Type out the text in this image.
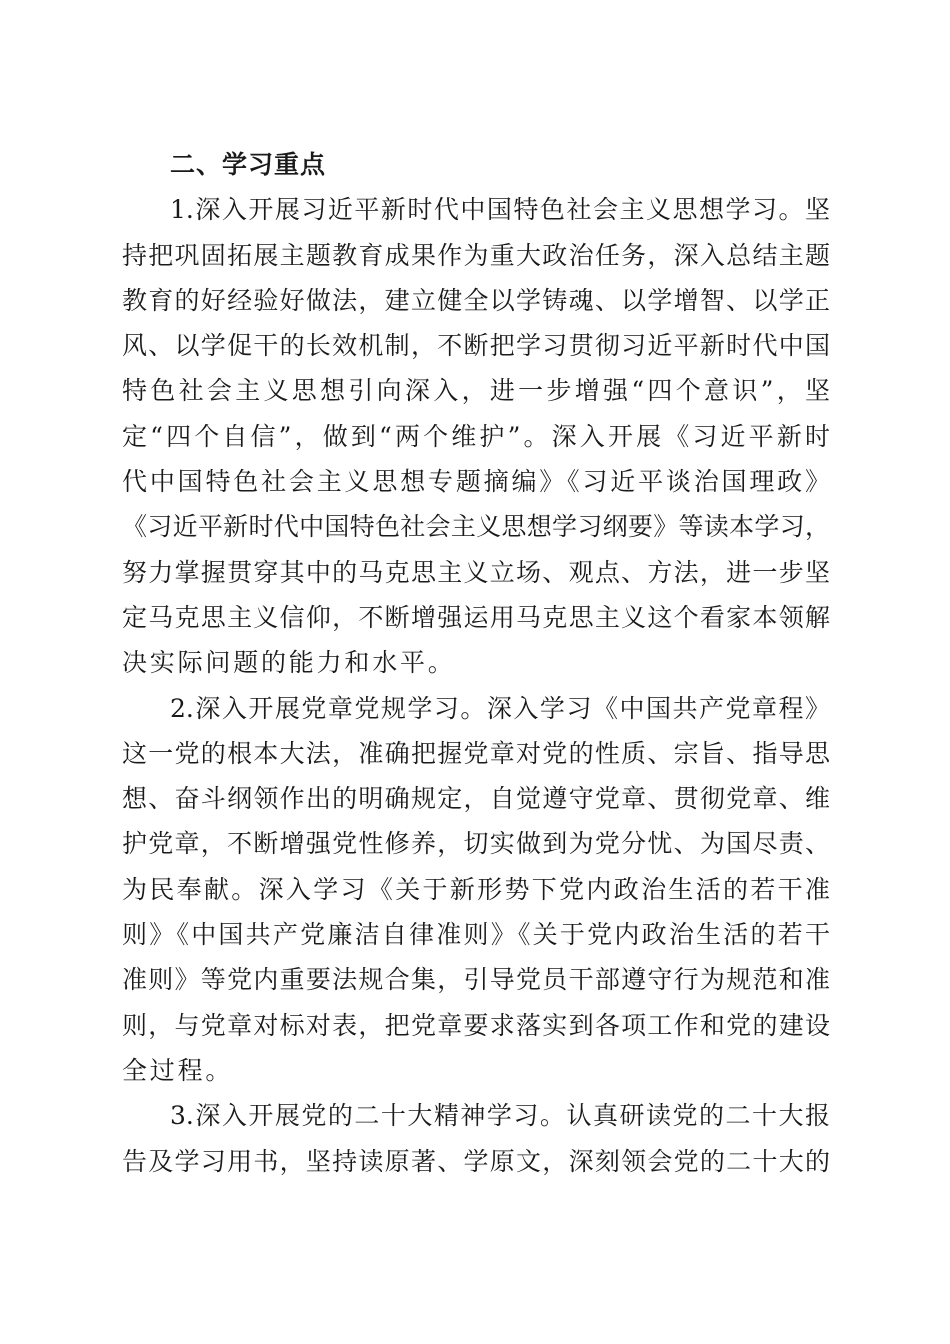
二、学习重点
1.深入开展习近平新时代中国特色社会主义思想学习。坚
持把巩固拓展主题教育成果作为重大政治任务，深入总结主题
教育的好经验好做法，建立健全以学铸魂、以学增智、以学正
风、以学促干的长效机制，不断把学习贯彻习近平新时代中国
特色社会主义思想引向深入，进一步增强“四个意识”，坚
定“四个自信”，做到“两个维护”。深入开展《习近平新时
代中国特色社会主义思想专题摘编》《习近平谈治国理政》
《习近平新时代中国特色社会主义思想学习纲要》等读本学习，
努力掌握贯穿其中的马克思主义立场、观点、方法，进一步坚
定马克思主义信仰，不断增强运用马克思主义这个看家本领解
决实际问题的能力和水平。
2.深入开展党章党规学习。深入学习《中国共产党章程》
这一党的根本大法，准确把握党章对党的性质、宗旨、指导思
想、奋斗纲领作出的明确规定，自觉遵守党章、贯彻党章、维
护党章，不断增强党性修养，切实做到为党分忧、为国尽责、
为民奉献。深入学习《关于新形势下党内政治生活的若干准
则》《中国共产党廉洁自律准则》《关于党内政治生活的若干
准则》等党内重要法规合集，引导党员干部遵守行为规范和准
则，与党章对标对表，把党章要求落实到各项工作和党的建设
全过程。
3.深入开展党的二十大精神学习。认真研读党的二十大报
告及学习用书，坚持读原著、学原文，深刻领会党的二十大的
